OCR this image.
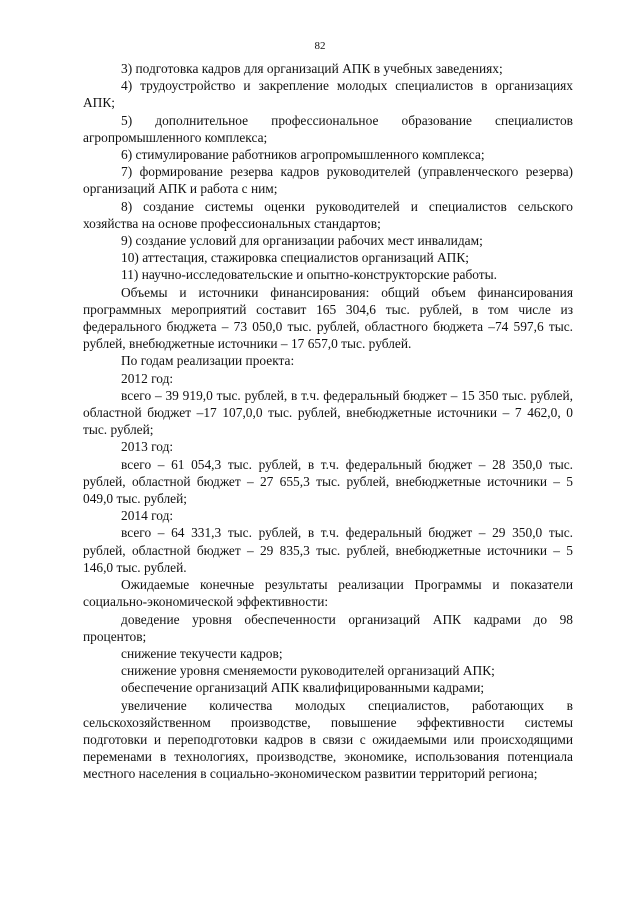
82

3) подготовка кадров для организаций АПК в учебных заведениях;

4) трудоустройство и закрепление молодых специалистов в организациях АПК;

5) дополнительное профессиональное образование специалистов агропромышленного комплекса;

6) стимулирование работников агропромышленного комплекса;

7) формирование резерва кадров руководителей (управленческого резерва) организаций АПК и работа с ним;

8) создание системы оценки руководителей и специалистов сельского хозяйства на основе профессиональных стандартов;

9) создание условий для организации рабочих мест инвалидам;

10) аттестация, стажировка специалистов организаций АПК;

11) научно-исследовательские и опытно-конструкторские работы.

Объемы и источники финансирования: общий объем финансирования программных мероприятий составит 165 304,6 тыс. рублей, в том числе из федерального бюджета – 73 050,0 тыс. рублей, областного бюджета –74 597,6 тыс. рублей, внебюджетные источники – 17 657,0 тыс. рублей.

По годам реализации проекта:

2012 год:

всего – 39 919,0 тыс. рублей, в т.ч. федеральный бюджет – 15 350 тыс. рублей, областной бюджет –17 107,0,0 тыс. рублей, внебюджетные источники – 7 462,0, 0 тыс. рублей;

2013 год:

всего – 61 054,3 тыс. рублей, в т.ч. федеральный бюджет – 28 350,0 тыс. рублей, областной бюджет – 27 655,3 тыс. рублей, внебюджетные источники – 5 049,0 тыс. рублей;

2014 год:

всего – 64 331,3 тыс. рублей, в т.ч. федеральный бюджет – 29 350,0 тыс. рублей, областной бюджет – 29 835,3 тыс. рублей, внебюджетные источники – 5 146,0 тыс. рублей.

Ожидаемые конечные результаты реализации Программы и показатели социально-экономической эффективности:

доведение уровня обеспеченности организаций АПК кадрами до 98 процентов;

снижение текучести кадров;

снижение уровня сменяемости руководителей организаций АПК;

обеспечение организаций АПК квалифицированными кадрами;

увеличение количества молодых специалистов, работающих в сельскохозяйственном производстве, повышение эффективности системы подготовки и переподготовки кадров в связи с ожидаемыми или происходящими переменами в технологиях, производстве, экономике, использования потенциала местного населения в социально-экономическом развитии территорий региона;
